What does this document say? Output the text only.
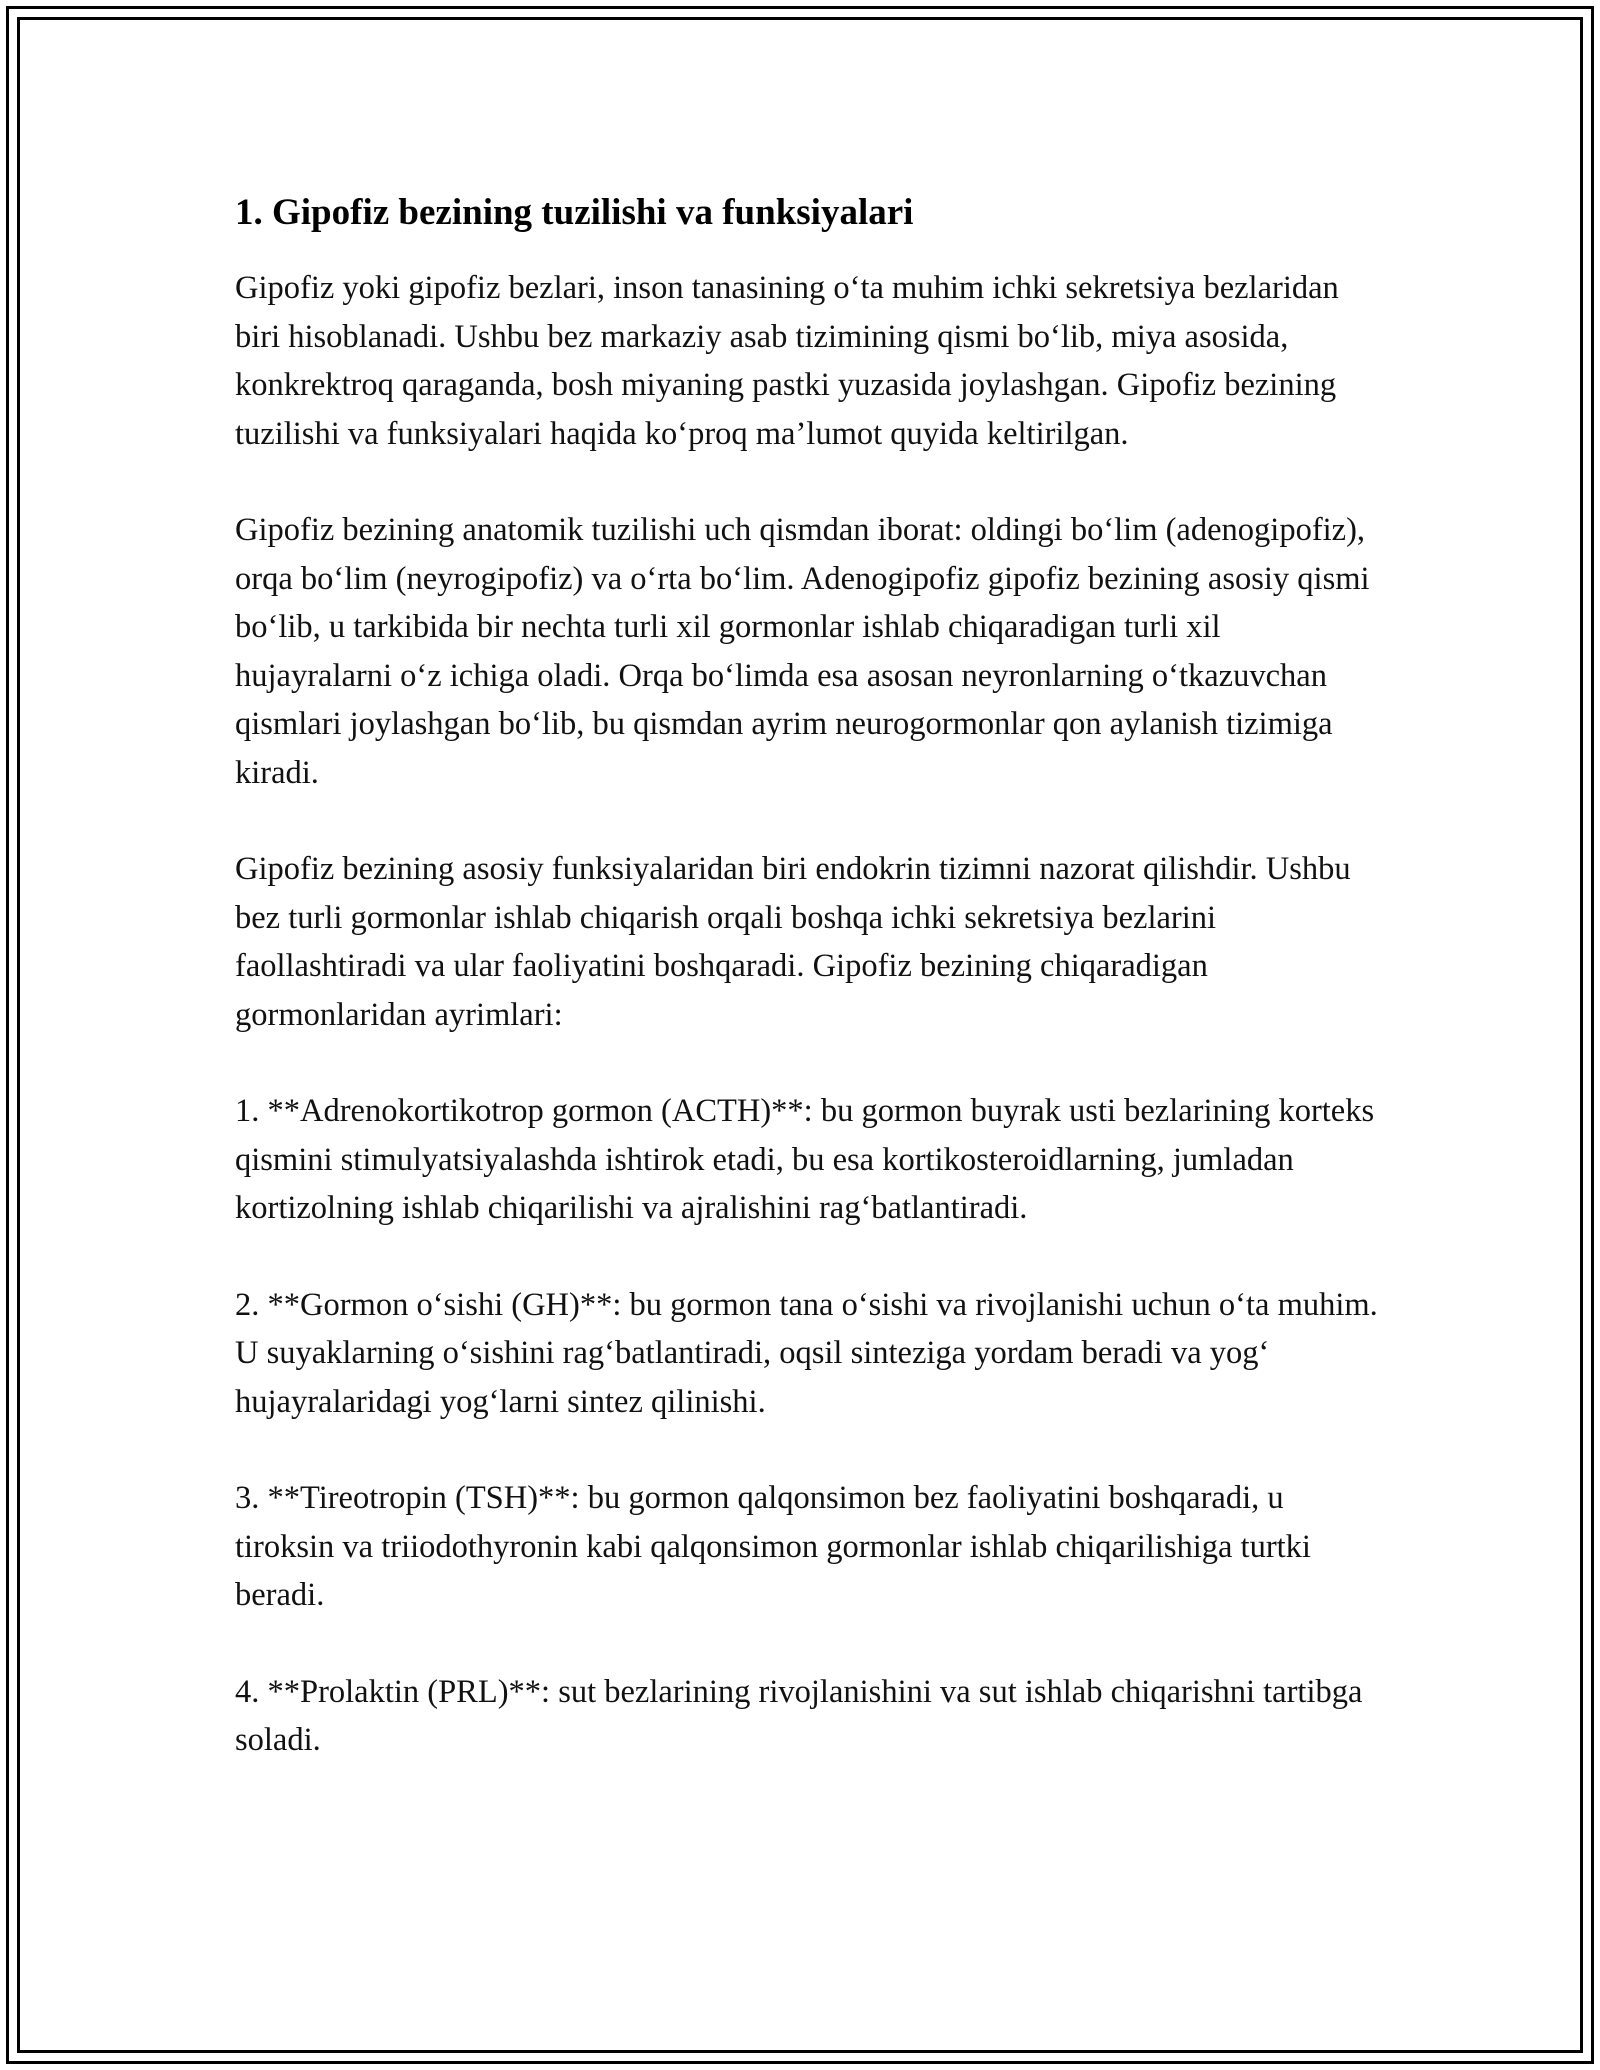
1. Gipofiz bezining tuzilishi va funksiyalari

Gipofiz yoki gipofiz bezlari, inson tanasining o‘ta muhim ichki sekretsiya bezlaridan biri hisoblanadi. Ushbu bez markaziy asab tizimining qismi bo‘lib, miya asosida, konkrektroq qaraganda, bosh miyaning pastki yuzasida joylashgan. Gipofiz bezining tuzilishi va funksiyalari haqida ko‘proq ma’lumot quyida keltirilgan.

Gipofiz bezining anatomik tuzilishi uch qismdan iborat: oldingi bo‘lim (adenogipofiz), orqa bo‘lim (neyrogipofiz) va o‘rta bo‘lim. Adenogipofiz gipofiz bezining asosiy qismi bo‘lib, u tarkibida bir nechta turli xil gormonlar ishlab chiqaradigan turli xil hujayralarni o‘z ichiga oladi. Orqa bo‘limda esa asosan neyronlarning o‘tkazuvchan qismlari joylashgan bo‘lib, bu qismdan ayrim neurogormonlar qon aylanish tizimiga kiradi.

Gipofiz bezining asosiy funksiyalaridan biri endokrin tizimni nazorat qilishdir. Ushbu bez turli gormonlar ishlab chiqarish orqali boshqa ichki sekretsiya bezlarini faollashtiradi va ular faoliyatini boshqaradi. Gipofiz bezining chiqaradigan gormonlaridan ayrimlari:

1. **Adrenokortikotrop gormon (ACTH)**: bu gormon buyrak usti bezlarining korteks qismini stimulyatsiyalashda ishtirok etadi, bu esa kortikosteroidlarning, jumladan kortizolning ishlab chiqarilishi va ajralishini rag‘batlantiradi.

2. **Gormon o‘sishi (GH)**: bu gormon tana o‘sishi va rivojlanishi uchun o‘ta muhim. U suyaklarning o‘sishini rag‘batlantiradi, oqsil sinteziga yordam beradi va yog‘ hujayralaridagi yog‘larni sintez qilinishi.

3. **Tireotropin (TSH)**: bu gormon qalqonsimon bez faoliyatini boshqaradi, u tiroksin va triiodothyronin kabi qalqonsimon gormonlar ishlab chiqarilishiga turtki beradi.

4. **Prolaktin (PRL)**: sut bezlarining rivojlanishini va sut ishlab chiqarishni tartibga soladi.
